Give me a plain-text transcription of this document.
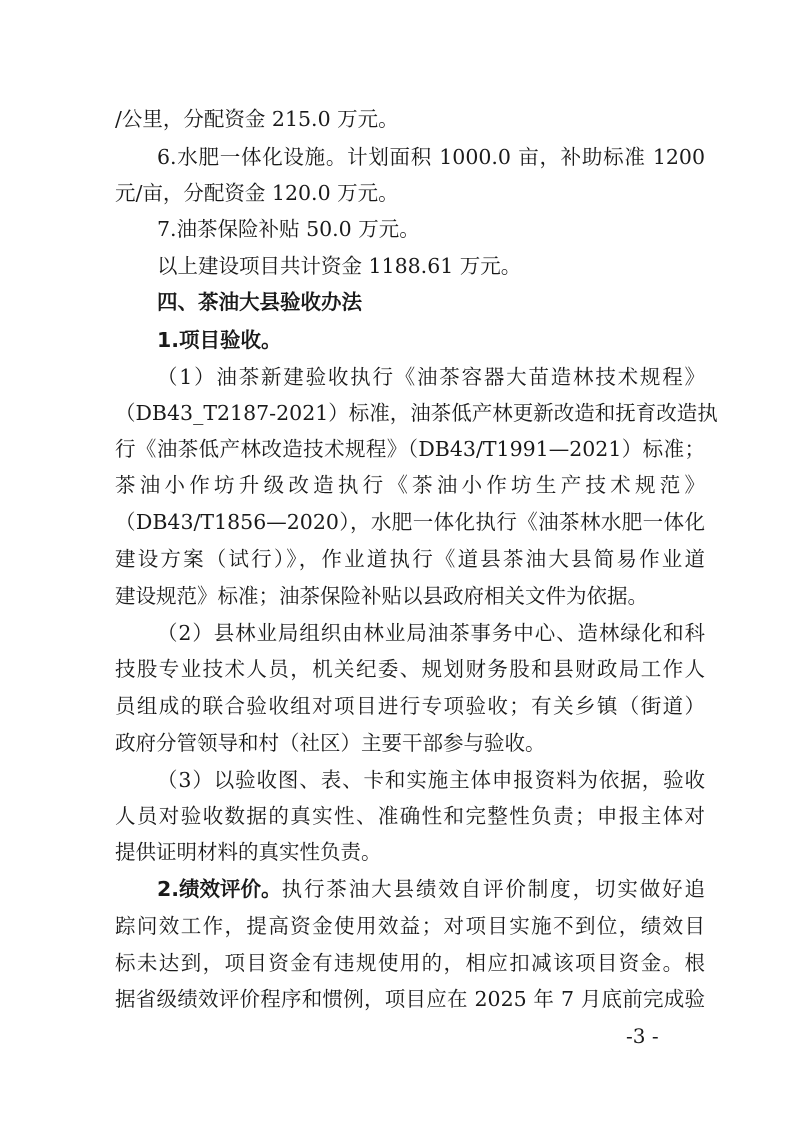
/公里，分配资金 215.0 万元。
6.水肥一体化设施。计划面积 1000.0 亩，补助标准 1200
元/亩，分配资金 120.0 万元。
7.油茶保险补贴 50.0 万元。
以上建设项目共计资金 1188.61 万元。
四、茶油大县验收办法
1.项目验收。
（1）油茶新建验收执行《油茶容器大苗造林技术规程》
（DB43_T2187-2021）标准，油茶低产林更新改造和抚育改造执
行《油茶低产林改造技术规程》（DB43/T1991—2021）标准；
茶油小作坊升级改造执行《茶油小作坊生产技术规范》
（DB43/T1856—2020），水肥一体化执行《油茶林水肥一体化
建设方案（试行）》，作业道执行《道县茶油大县简易作业道
建设规范》标准；油茶保险补贴以县政府相关文件为依据。
（2）县林业局组织由林业局油茶事务中心、造林绿化和科
技股专业技术人员，机关纪委、规划财务股和县财政局工作人
员组成的联合验收组对项目进行专项验收；有关乡镇（街道）
政府分管领导和村（社区）主要干部参与验收。
（3）以验收图、表、卡和实施主体申报资料为依据，验收
人员对验收数据的真实性、准确性和完整性负责；申报主体对
提供证明材料的真实性负责。
2.绩效评价。 执行茶油大县绩效自评价制度，切实做好追
踪问效工作，提高资金使用效益；对项目实施不到位，绩效目
标未达到，项目资金有违规使用的，相应扣减该项目资金。根
据省级绩效评价程序和惯例，项目应在 2025 年 7 月底前完成验
-3 -
